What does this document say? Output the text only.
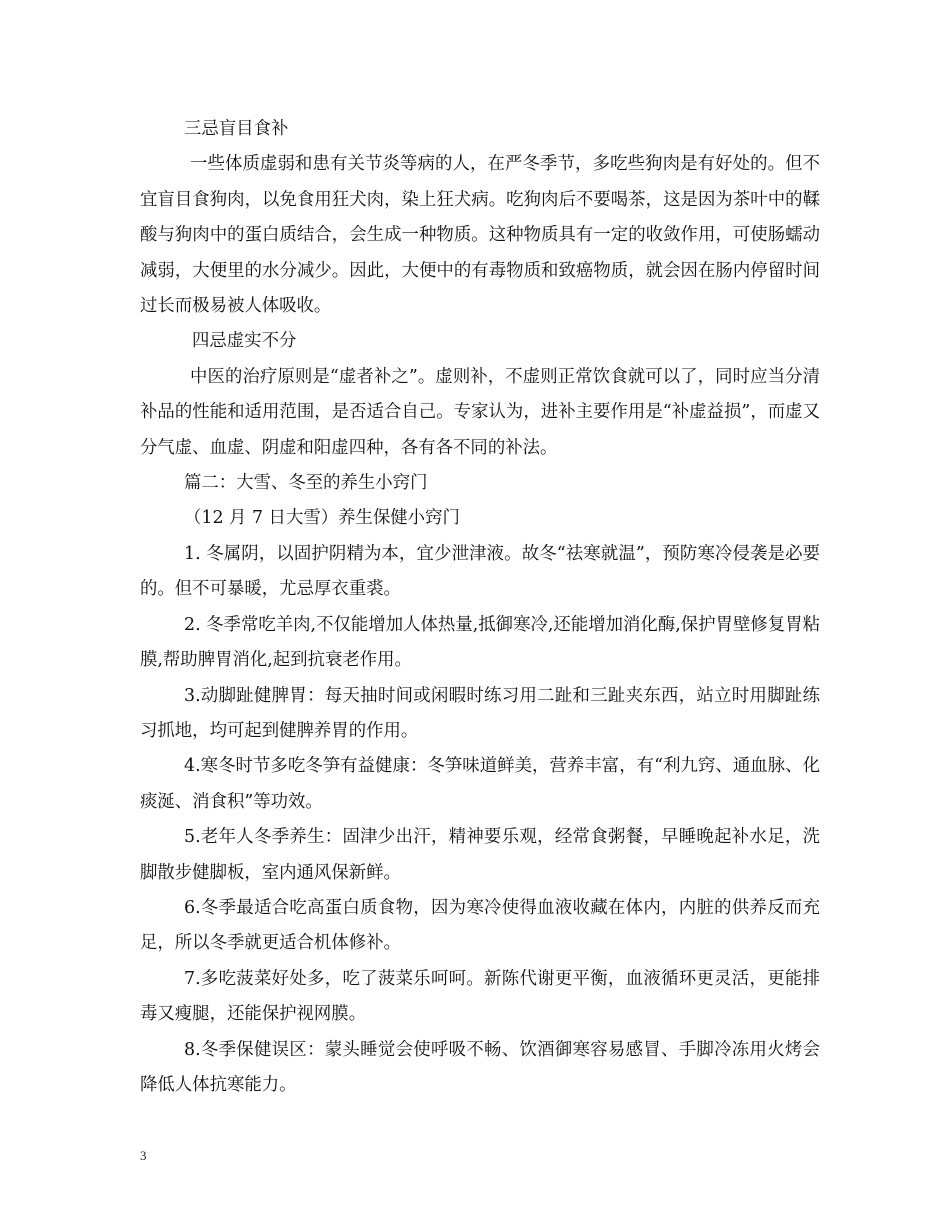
三忌盲目食补

一些体质虚弱和患有关节炎等病的人，在严冬季节，多吃些狗肉是有好处的。但不宜盲目食狗肉，以免食用狂犬肉，染上狂犬病。吃狗肉后不要喝茶，这是因为茶叶中的鞣酸与狗肉中的蛋白质结合，会生成一种物质。这种物质具有一定的收敛作用，可使肠蠕动减弱，大便里的水分减少。因此，大便中的有毒物质和致癌物质，就会因在肠内停留时间过长而极易被人体吸收。

四忌虚实不分

中医的治疗原则是“虚者补之”。虚则补，不虚则正常饮食就可以了，同时应当分清补品的性能和适用范围，是否适合自己。专家认为，进补主要作用是“补虚益损”，而虚又分气虚、血虚、阴虚和阳虚四种，各有各不同的补法。

篇二：大雪、冬至的养生小窍门

（12 月 7 日大雪）养生保健小窍门

1. 冬属阴，以固护阴精为本，宜少泄津液。故冬“祛寒就温”，预防寒冷侵袭是必要的。但不可暴暖，尤忌厚衣重裘。

2. 冬季常吃羊肉,不仅能增加人体热量,抵御寒冷,还能增加消化酶,保护胃壁修复胃粘膜,帮助脾胃消化,起到抗衰老作用。

3.动脚趾健脾胃：每天抽时间或闲暇时练习用二趾和三趾夹东西，站立时用脚趾练习抓地，均可起到健脾养胃的作用。

4.寒冬时节多吃冬笋有益健康：冬笋味道鲜美，营养丰富，有“利九窍、通血脉、化痰涎、消食积”等功效。

5.老年人冬季养生：固津少出汗，精神要乐观，经常食粥餐，早睡晚起补水足，洗脚散步健脚板，室内通风保新鲜。

6.冬季最适合吃高蛋白质食物，因为寒冷使得血液收藏在体内，内脏的供养反而充足，所以冬季就更适合机体修补。

7.多吃菠菜好处多，吃了菠菜乐呵呵。新陈代谢更平衡，血液循环更灵活，更能排毒又瘦腿，还能保护视网膜。

8.冬季保健误区：蒙头睡觉会使呼吸不畅、饮酒御寒容易感冒、手脚冷冻用火烤会降低人体抗寒能力。

3
